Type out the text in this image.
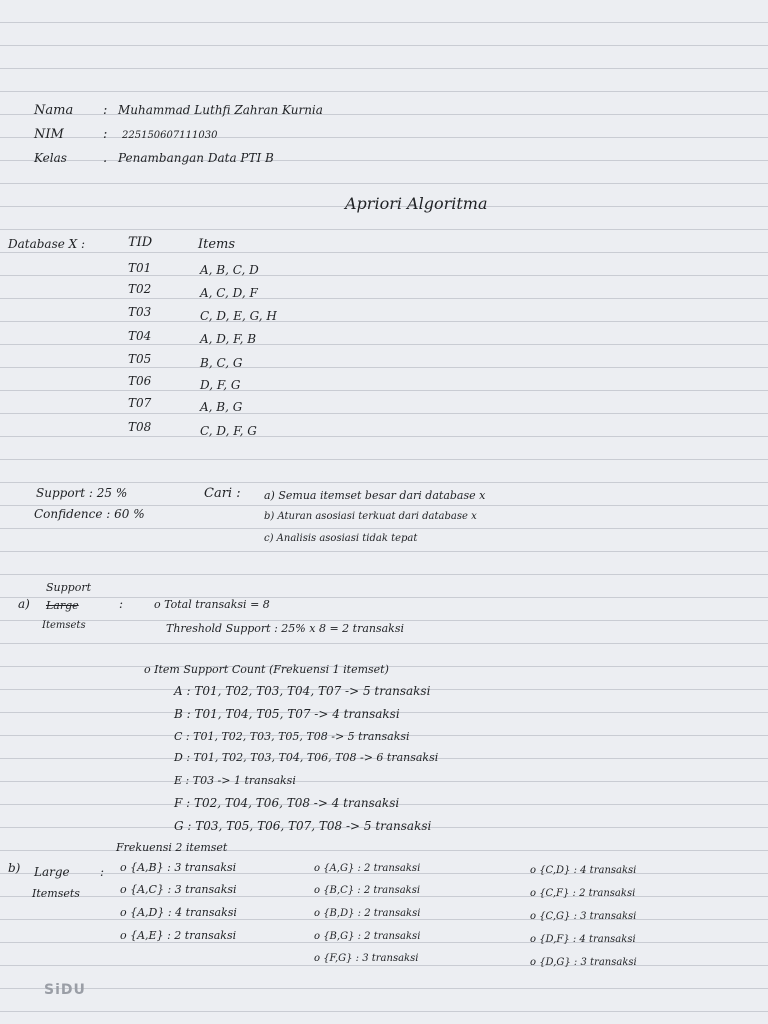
Nama : Muhammad Luthfi Zahran Kurnia
NIM	: 225150607111030
Kelas	. Penambangan Data PTI B
Apriori Algoritma
Database X :	TID	Items
T01	A, B, C, D
T02	A, C, D, F
T03	C, D, E, G, H
T04	A, D, F, B
T05	B, C, G
T06	D, F, G
T07	A, B, G
T08	C, D, F, G
Support : 25 %
Confidence : 60 %
Cari : a) Semua itemset besar dari database x
b) Aturan asosiasi terkuat dari database x
c) Analisis asosiasi tidak tepat
a)
Support
Large
Itemsets
:	o Total transaksi = 8
Threshold Support : 25% x 8 = 2 transaksi
o Item Support Count (Frekuensi 1 itemset)
A : T01, T02, T03, T04, T07 -> 5 transaksi
B : T01, T04, T05, T07 -> 4 transaksi
C : T01, T02, T03, T05, T08 -> 5 transaksi
D : T01, T02, T03, T04, T06, T08 -> 6 transaksi
E : T03 -> 1 transaksi
F : T02, T04, T06, T08 -> 4 transaksi
G : T03, T05, T06, T07, T08 -> 5 transaksi
Frekuensi 2 itemset
b) Large
Itemsets
: o {A,B} : 3 transaksi
o {A,C} : 3 transaksi
o {A,D} : 4 transaksi
o {A,E} : 2 transaksi
o {A,G} : 2 transaksi
o {B,C} : 2 transaksi
o {B,D} : 2 transaksi
o {B,G} : 2 transaksi
o {F,G} : 3 transaksi
o {C,D} : 4 transaksi
o {C,F} : 2 transaksi
o {C,G} : 3 transaksi
o {D,F} : 4 transaksi
o {D,G} : 3 transaksi
SiDU
